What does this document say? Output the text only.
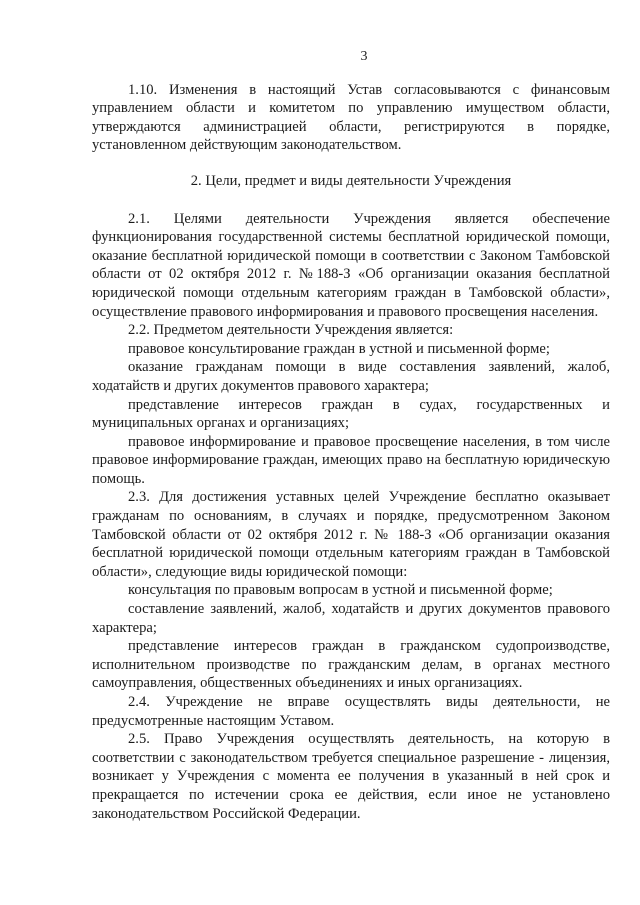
3

1.10. Изменения в настоящий Устав согласовываются с финансовым управлением области и комитетом по управлению имуществом области, утверждаются администрацией области, регистрируются в порядке, установленном действующим законодательством.

2. Цели, предмет и виды деятельности Учреждения

2.1. Целями деятельности Учреждения является обеспечение функционирования государственной системы бесплатной юридической помощи, оказание бесплатной юридической помощи в соответствии с Законом Тамбовской области от 02 октября 2012 г. №188-З «Об организации оказания бесплатной юридической помощи отдельным категориям граждан в Тамбовской области», осуществление правового информирования и правового просвещения населения.

2.2. Предметом деятельности Учреждения является:

правовое консультирование граждан в устной и письменной форме;

оказание гражданам помощи в виде составления заявлений, жалоб, ходатайств и других документов правового характера;

представление интересов граждан в судах, государственных и муниципальных органах и организациях;

правовое информирование и правовое просвещение населения, в том числе правовое информирование граждан, имеющих право на бесплатную юридическую помощь.

2.3. Для достижения уставных целей Учреждение бесплатно оказывает гражданам по основаниям, в случаях и порядке, предусмотренном Законом Тамбовской области от 02 октября 2012 г. № 188-З «Об организации оказания бесплатной юридической помощи отдельным категориям граждан в Тамбовской области», следующие виды юридической помощи:

консультация по правовым вопросам в устной и письменной форме;

составление заявлений, жалоб, ходатайств и других документов правового характера;

представление интересов граждан в гражданском судопроизводстве, исполнительном производстве по гражданским делам, в органах местного самоуправления, общественных объединениях и иных организациях.

2.4. Учреждение не вправе осуществлять виды деятельности, не предусмотренные настоящим Уставом.

2.5. Право Учреждения осуществлять деятельность, на которую в соответствии с законодательством требуется специальное разрешение - лицензия, возникает у Учреждения с момента ее получения в указанный в ней срок и прекращается по истечении срока ее действия, если иное не установлено законодательством Российской Федерации.
